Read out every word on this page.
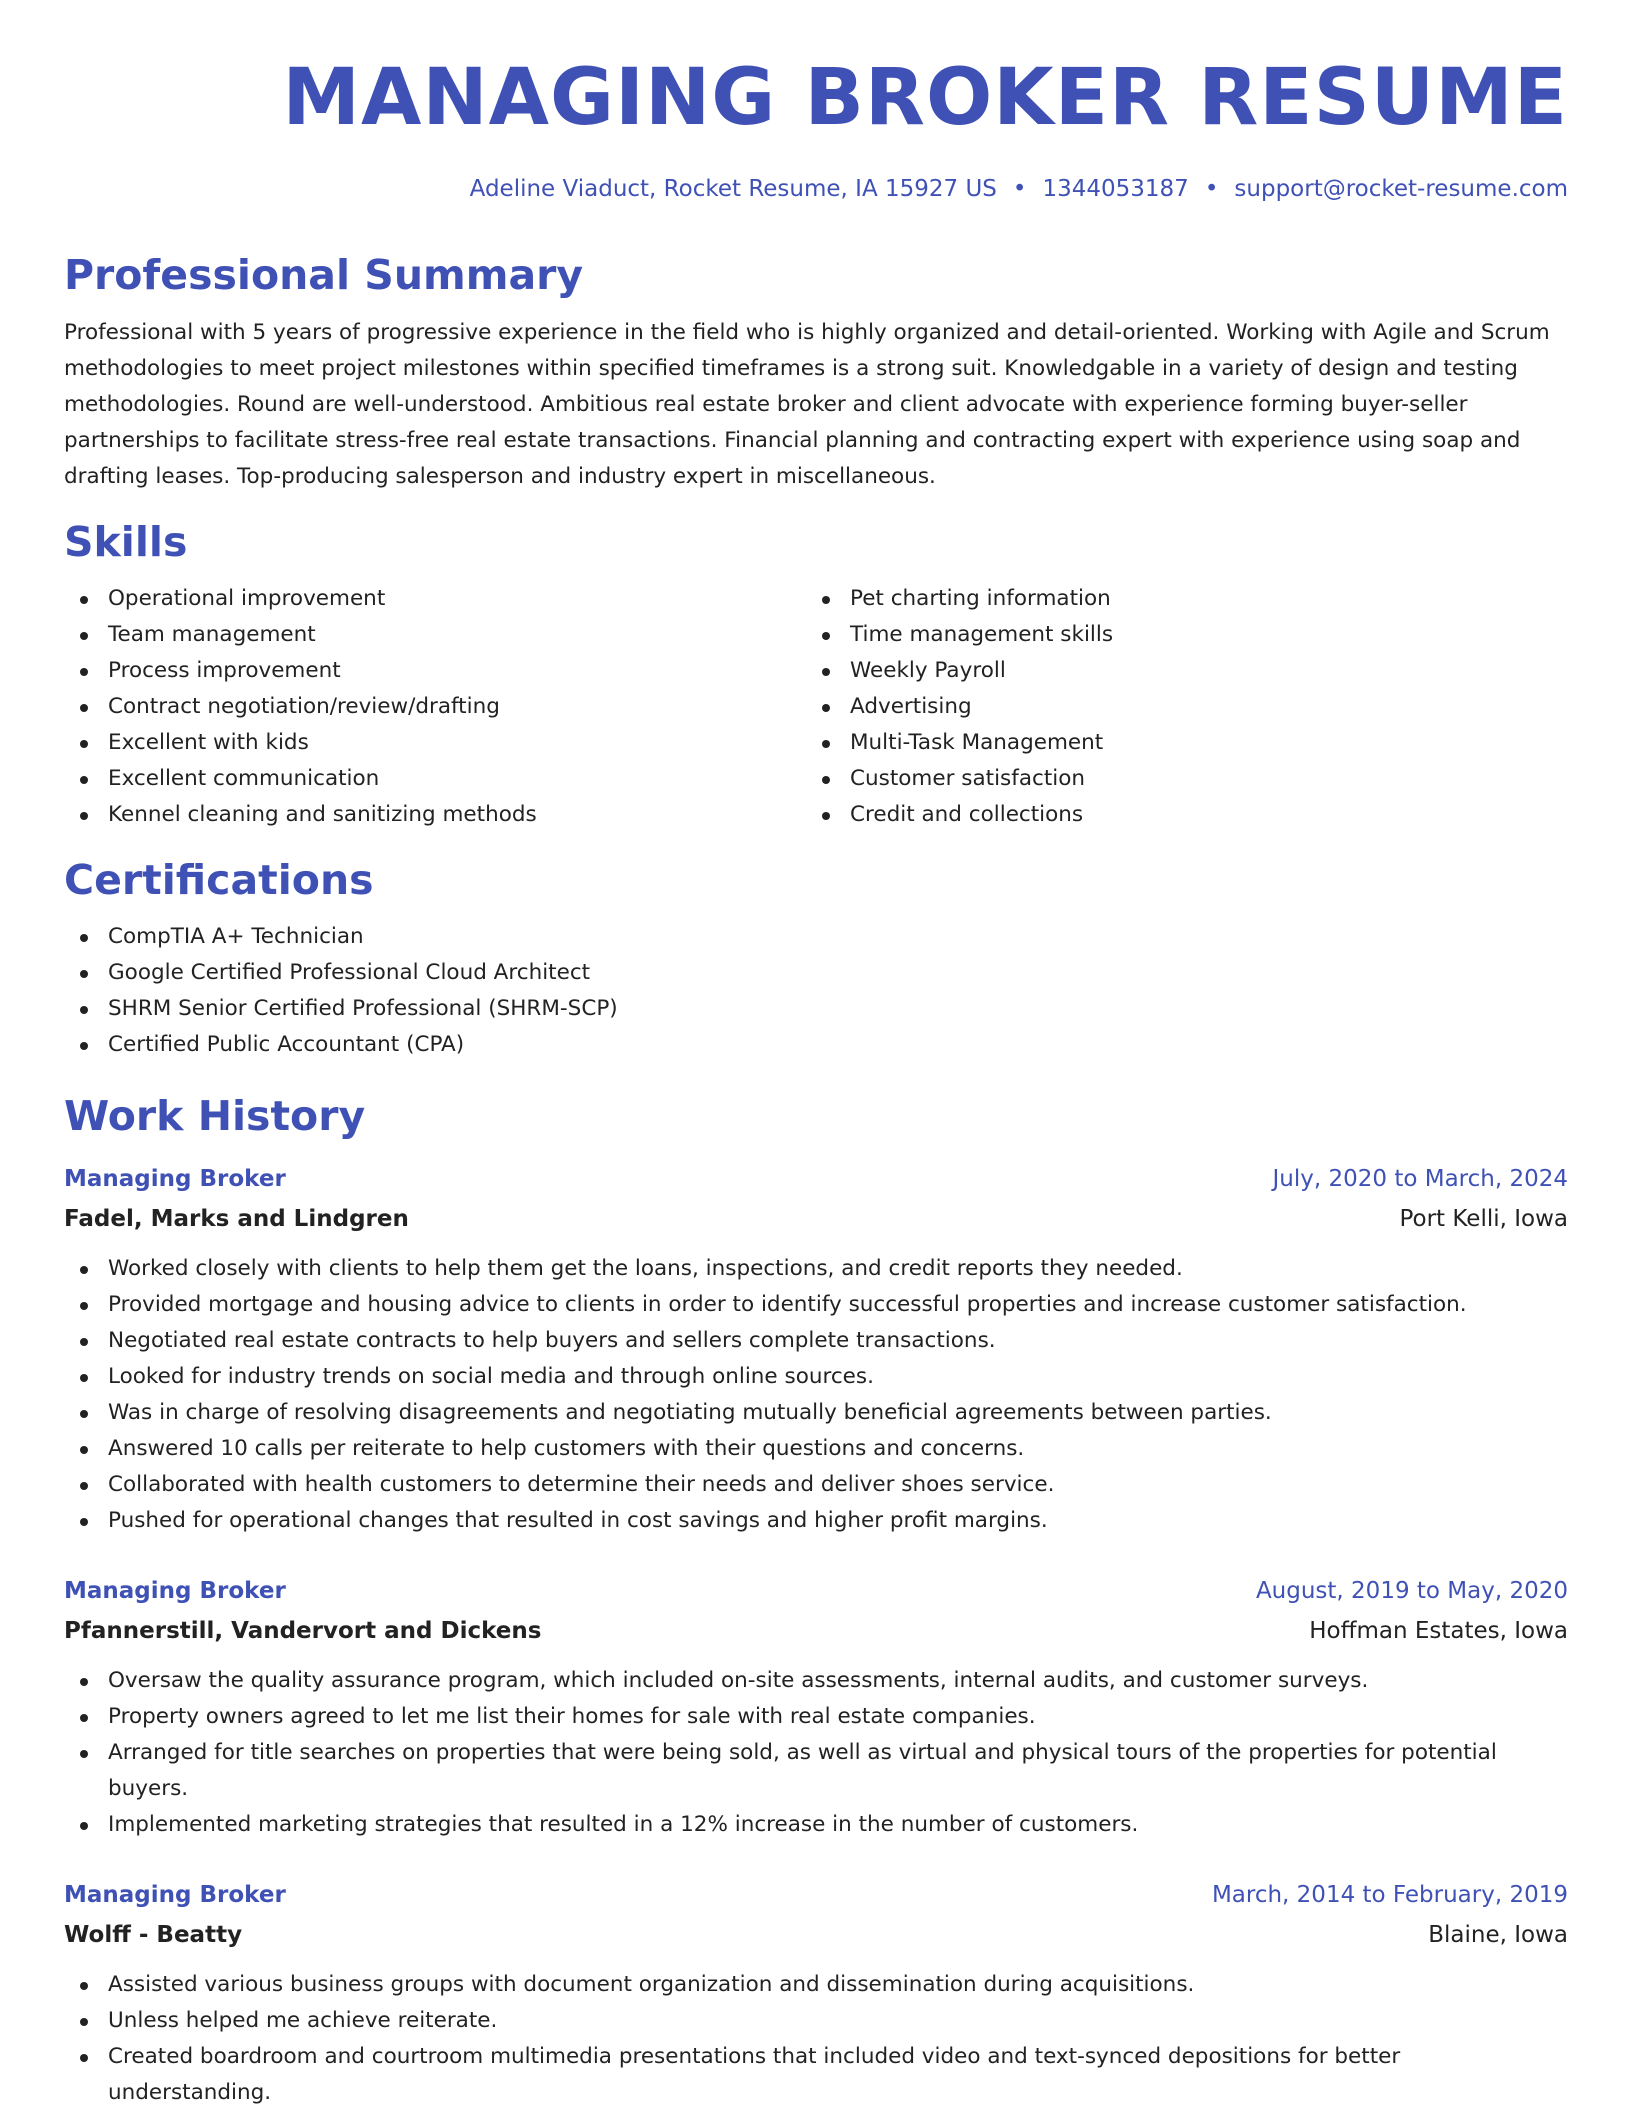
MANAGING BROKER RESUME
Adeline Viaduct, Rocket Resume, IA 15927 US • 1344053187 • support@rocket-resume.com
Professional Summary

Professional with 5 years of progressive experience in the field who is highly organized and detail-oriented. Working with Agile and Scrum methodologies to meet project milestones within specified timeframes is a strong suit. Knowledgable in a variety of design and testing methodologies. Round are well-understood. Ambitious real estate broker and client advocate with experience forming buyer-seller partnerships to facilitate stress-free real estate transactions. Financial planning and contracting expert with experience using soap and drafting leases. Top-producing salesperson and industry expert in miscellaneous.

Skills
Operational improvement
Team management
Process improvement
Contract negotiation/review/drafting
Excellent with kids
Excellent communication
Kennel cleaning and sanitizing methods
Pet charting information
Time management skills
Weekly Payroll
Advertising
Multi-Task Management
Customer satisfaction
Credit and collections
Certifications
CompTIA A+ Technician
Google Certified Professional Cloud Architect
SHRM Senior Certified Professional (SHRM-SCP)
Certified Public Accountant (CPA)
Work History
Managing Broker	July, 2020 to March, 2024
Fadel, Marks and Lindgren	Port Kelli, Iowa
Worked closely with clients to help them get the loans, inspections, and credit reports they needed.
Provided mortgage and housing advice to clients in order to identify successful properties and increase customer satisfaction.
Negotiated real estate contracts to help buyers and sellers complete transactions.
Looked for industry trends on social media and through online sources.
Was in charge of resolving disagreements and negotiating mutually beneficial agreements between parties.
Answered 10 calls per reiterate to help customers with their questions and concerns.
Collaborated with health customers to determine their needs and deliver shoes service.
Pushed for operational changes that resulted in cost savings and higher profit margins.
Managing Broker	August, 2019 to May, 2020
Pfannerstill, Vandervort and Dickens	Hoffman Estates, Iowa
Oversaw the quality assurance program, which included on-site assessments, internal audits, and customer surveys.
Property owners agreed to let me list their homes for sale with real estate companies.
Arranged for title searches on properties that were being sold, as well as virtual and physical tours of the properties for potential buyers.
Implemented marketing strategies that resulted in a 12% increase in the number of customers.
Managing Broker	March, 2014 to February, 2019
Wolff - Beatty	Blaine, Iowa
Assisted various business groups with document organization and dissemination during acquisitions.
Unless helped me achieve reiterate.
Created boardroom and courtroom multimedia presentations that included video and text-synced depositions for better understanding.
